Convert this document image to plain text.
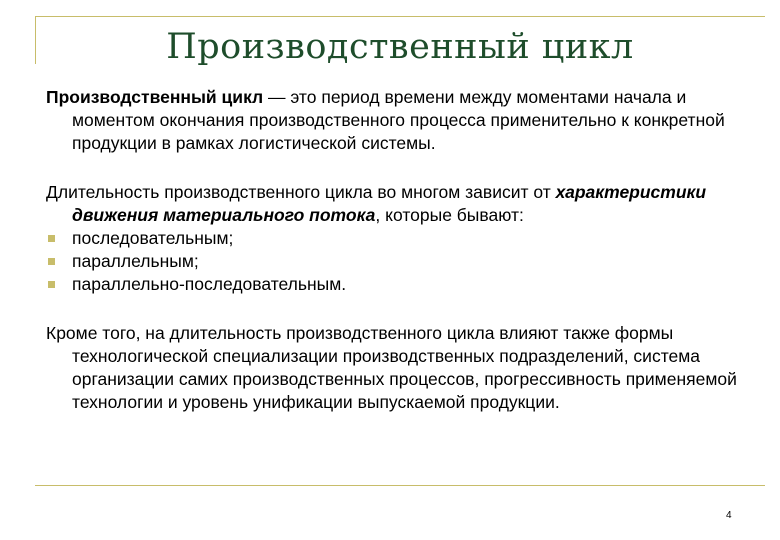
Производственный цикл

Производственный цикл — это период времени между моментами начала и моментом окончания производственного процесса применительно к конкретной продукции в рамках логистической системы.

Длительность производственного цикла во многом зависит от характеристики движения материального потока, которые бывают:

последовательным;
параллельным;
параллельно-последовательным.

Кроме того, на длительность производственного цикла влияют также формы технологической специализации производственных подразделений, система организации самих производственных процессов, прогрессивность применяемой технологии и уровень унификации выпускаемой продукции.

4
